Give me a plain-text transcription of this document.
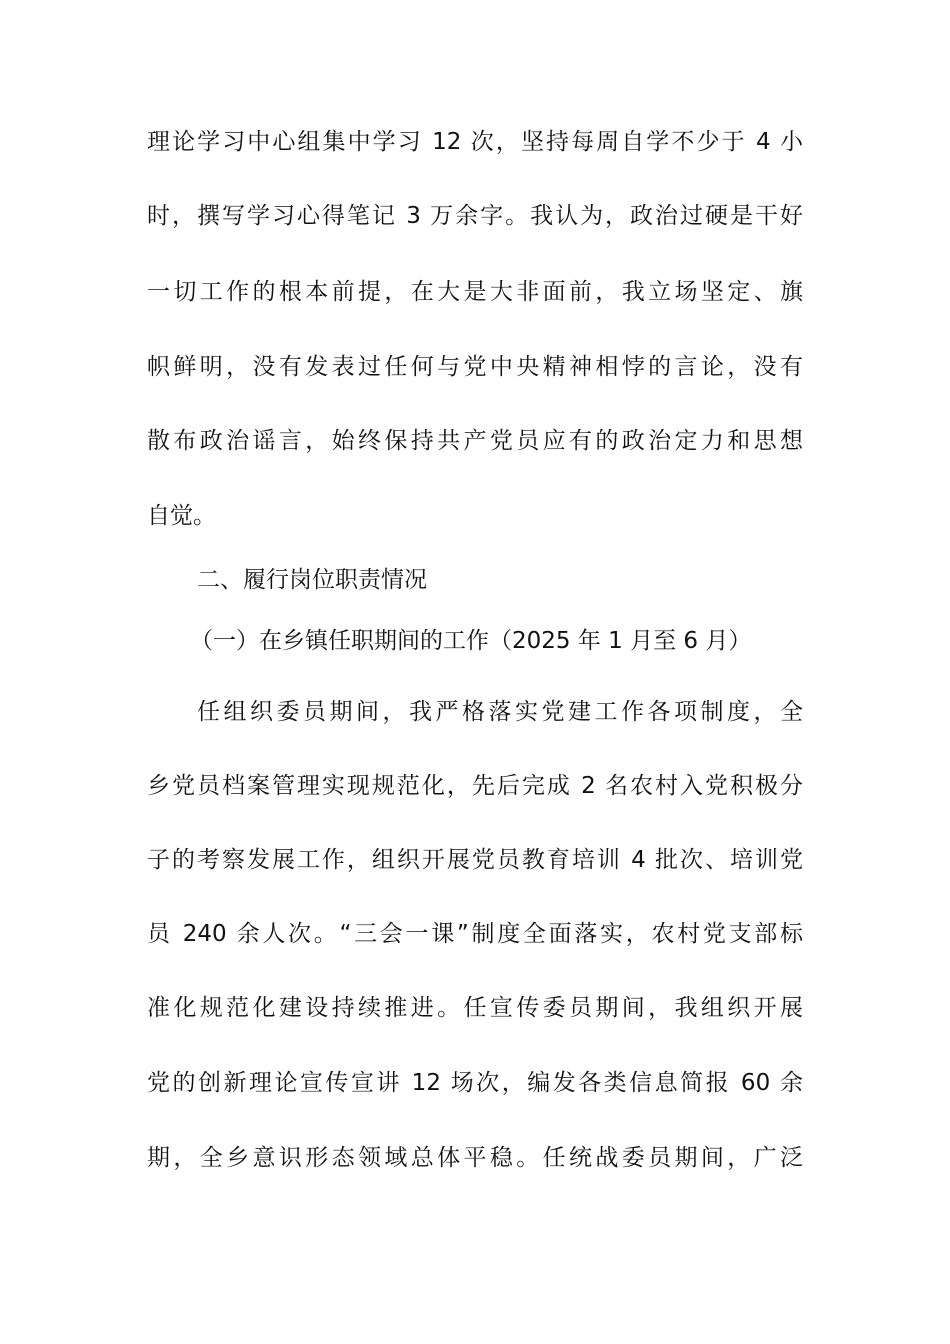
理论学习中心组集中学习 12 次，坚持每周自学不少于 4 小
时，撰写学习心得笔记 3 万余字。我认为，政治过硬是干好
一切工作的根本前提，在大是大非面前，我立场坚定、旗
帜鲜明，没有发表过任何与党中央精神相悖的言论，没有
散布政治谣言，始终保持共产党员应有的政治定力和思想
自觉。
二、履行岗位职责情况
（一）在乡镇任职期间的工作（2025 年 1 月至 6 月）
任组织委员期间，我严格落实党建工作各项制度，全
乡党员档案管理实现规范化，先后完成 2 名农村入党积极分
子的考察发展工作，组织开展党员教育培训 4 批次、培训党
员 240 余人次。“三会一课”制度全面落实，农村党支部标
准化规范化建设持续推进。任宣传委员期间，我组织开展
党的创新理论宣传宣讲 12 场次，编发各类信息简报 60 余
期，全乡意识形态领域总体平稳。任统战委员期间，广泛
